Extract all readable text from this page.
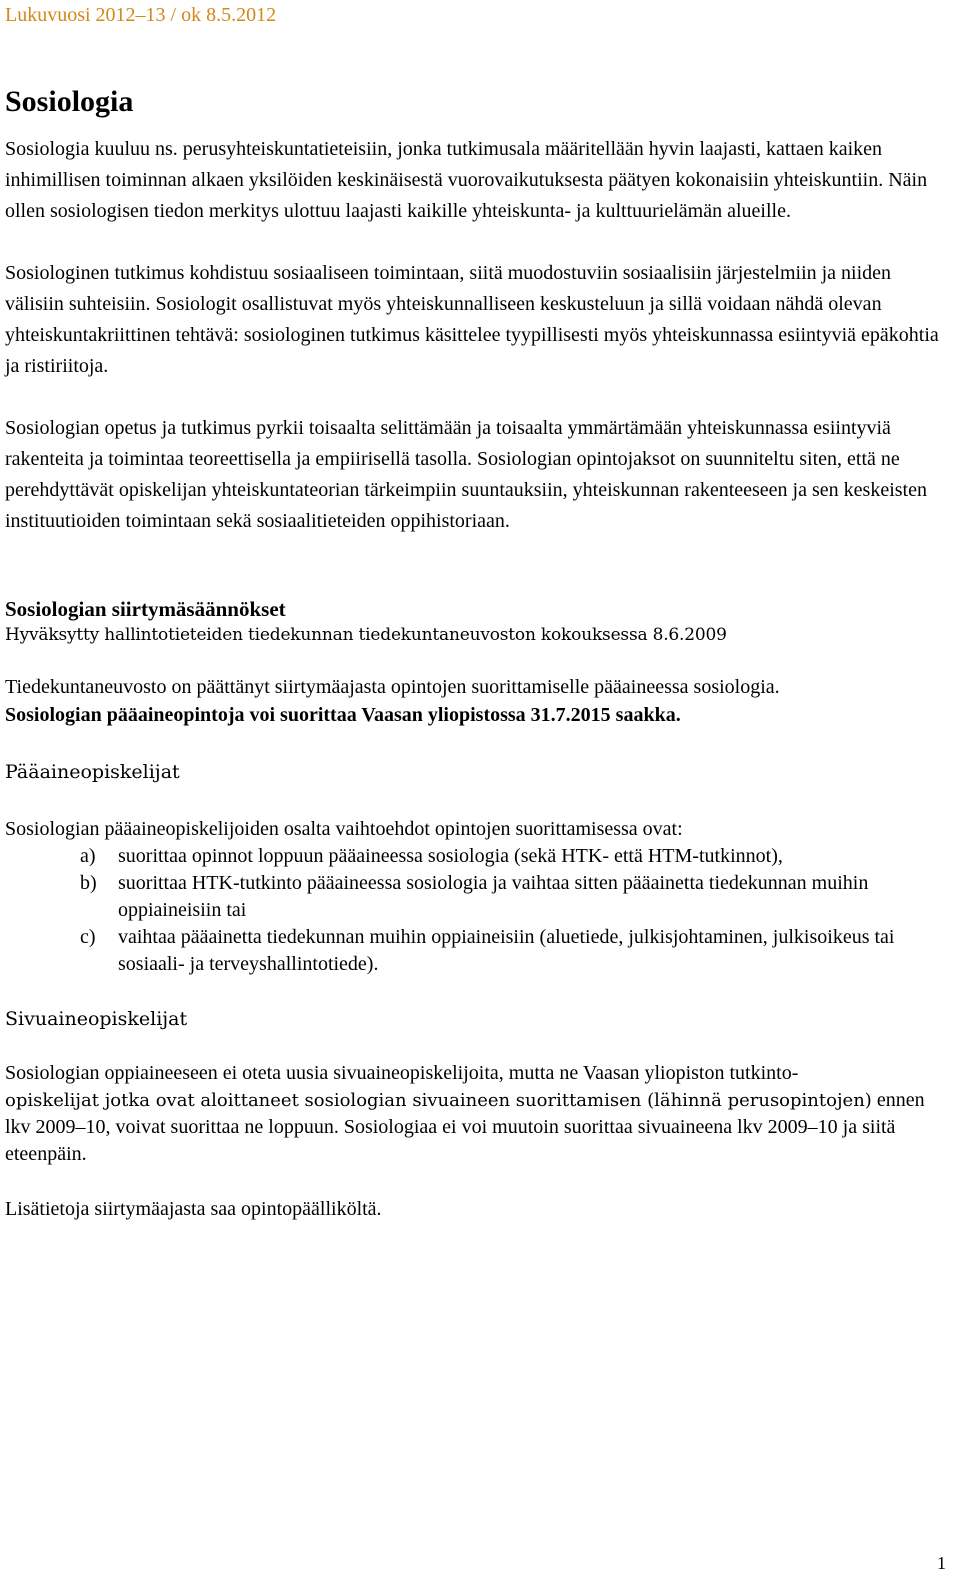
Lukuvuosi 2012–13 / ok 8.5.2012
Sosiologia

Sosiologia kuuluu ns. perusyhteiskuntatieteisiin, jonka tutkimusala määritellään hyvin laajasti, kattaen kaiken inhimillisen toiminnan alkaen yksilöiden keskinäisestä vuorovaikutuksesta päätyen kokonaisiin yhteiskuntiin. Näin ollen sosiologisen tiedon merkitys ulottuu laajasti kaikille yhteiskunta- ja kulttuurielämän alueille.

Sosiologinen tutkimus kohdistuu sosiaaliseen toimintaan, siitä muodostuviin sosiaalisiin järjestelmiin ja niiden välisiin suhteisiin. Sosiologit osallistuvat myös yhteiskunnalliseen keskusteluun ja sillä voidaan nähdä olevan yhteiskuntakriittinen tehtävä: sosiologinen tutkimus käsittelee tyypillisesti myös yhteiskunnassa esiintyviä epäkohtia ja ristiriitoja.

Sosiologian opetus ja tutkimus pyrkii toisaalta selittämään ja toisaalta ymmärtämään yhteiskunnassa esiintyviä rakenteita ja toimintaa teoreettisella ja empiirisellä tasolla. Sosiologian opintojaksot on suunniteltu siten, että ne perehdyttävät opiskelijan yhteiskuntateorian tärkeimpiin suuntauksiin, yhteiskunnan rakenteeseen ja sen keskeisten instituutioiden toimintaan sekä sosiaalitieteiden oppihistoriaan.

Sosiologian siirtymäsäännökset
Hyväksytty hallintotieteiden tiedekunnan tiedekuntaneuvoston kokouksessa 8.6.2009

Tiedekuntaneuvosto on päättänyt siirtymäajasta opintojen suorittamiselle pääaineessa sosiologia.
Sosiologian pääaineopintoja voi suorittaa Vaasan yliopistossa 31.7.2015 saakka.

Pääaineopiskelijat

Sosiologian pääaineopiskelijoiden osalta vaihtoehdot opintojen suorittamisessa ovat:

a)	suorittaa opinnot loppuun pääaineessa sosiologia (sekä HTK- että HTM-tutkinnot),
b)	suorittaa HTK-tutkinto pääaineessa sosiologia ja vaihtaa sitten pääainetta tiedekunnan muihin oppiaineisiin tai
c)	vaihtaa pääainetta tiedekunnan muihin oppiaineisiin (aluetiede, julkisjohtaminen, julkisoikeus tai sosiaali- ja terveyshallintotiede).
Sivuaineopiskelijat

Sosiologian oppiaineeseen ei oteta uusia sivuaineopiskelijoita, mutta ne Vaasan yliopiston tutkinto-
opiskelijat jotka ovat aloittaneet sosiologian sivuaineen suorittamisen (lähinnä perusopintojen) ennen lkv 2009–10, voivat suorittaa ne loppuun. Sosiologiaa ei voi muutoin suorittaa sivuaineena lkv 2009–10 ja siitä eteenpäin.

Lisätietoja siirtymäajasta saa opintopäälliköltä.

1
